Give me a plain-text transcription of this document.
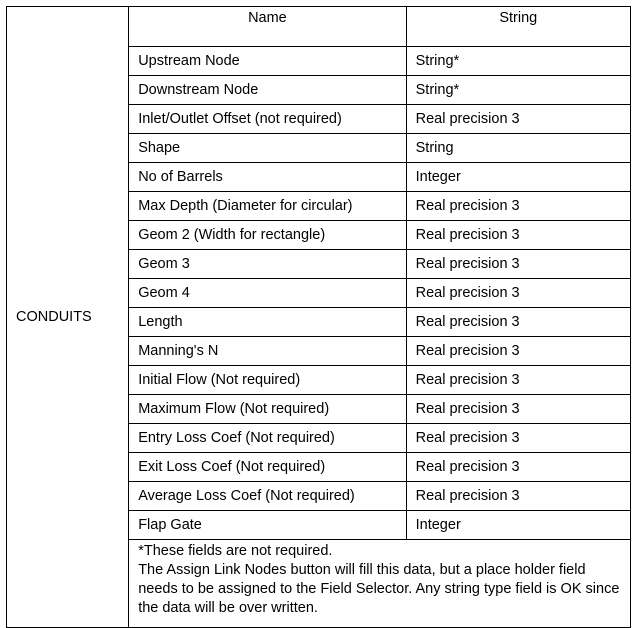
CONDUITS	Name	String
	Upstream Node	String*
	Downstream Node	String*
	Inlet/Outlet Offset (not required)	Real precision 3
	Shape	String
	No of Barrels	Integer
	Max Depth (Diameter for circular)	Real precision 3
	Geom 2 (Width for rectangle)	Real precision 3
	Geom 3	Real precision 3
	Geom 4	Real precision 3
	Length	Real precision 3
	Manning's N	Real precision 3
	Initial Flow (Not required)	Real precision 3
	Maximum Flow (Not required)	Real precision 3
	Entry Loss Coef (Not required)	Real precision 3
	Exit Loss Coef (Not required)	Real precision 3
	Average Loss Coef (Not required)	Real precision 3
	Flap Gate	Integer

	*These fields are not required.
The Assign Link Nodes button will fill this data, but a place holder field needs to be assigned to the Field Selector. Any string type field is OK since the data will be over written.	
